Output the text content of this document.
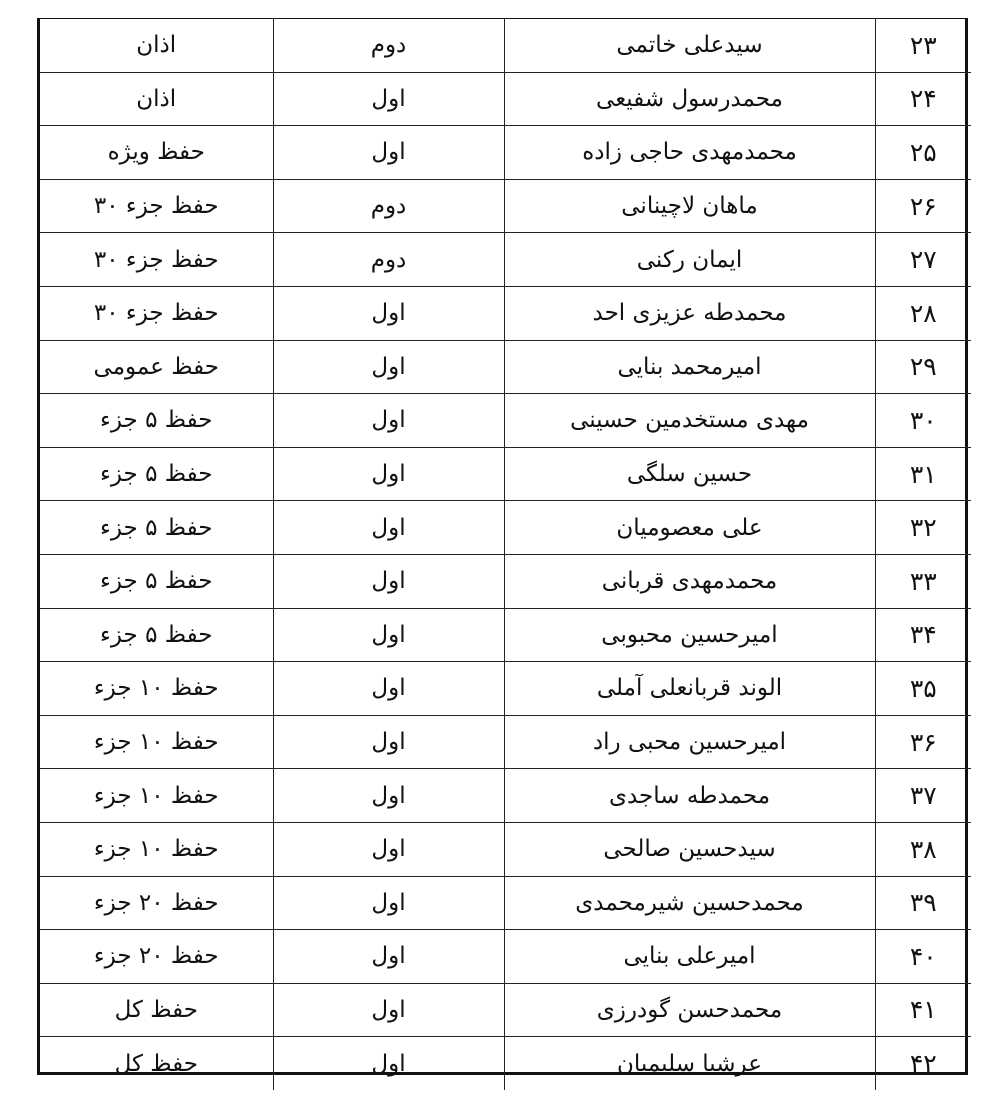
۲۳	سیدعلی خاتمی	دوم	اذان
۲۴	محمدرسول شفیعی	اول	اذان
۲۵	محمدمهدی حاجی زاده	اول	حفظ ویژه
۲۶	ماهان لاچینانی	دوم	حفظ جزء ۳۰
۲۷	ایمان رکنی	دوم	حفظ جزء ۳۰
۲۸	محمدطه عزیزی احد	اول	حفظ جزء ۳۰
۲۹	امیرمحمد بنایی	اول	حفظ عمومی
۳۰	مهدی مستخدمین حسینی	اول	حفظ ۵ جزء
۳۱	حسین سلگی	اول	حفظ ۵ جزء
۳۲	علی معصومیان	اول	حفظ ۵ جزء
۳۳	محمدمهدی قربانی	اول	حفظ ۵ جزء
۳۴	امیرحسین محبوبی	اول	حفظ ۵ جزء
۳۵	الوند قربانعلی آملی	اول	حفظ ۱۰ جزء
۳۶	امیرحسین محبی راد	اول	حفظ ۱۰ جزء
۳۷	محمدطه ساجدی	اول	حفظ ۱۰ جزء
۳۸	سیدحسین صالحی	اول	حفظ ۱۰ جزء
۳۹	محمدحسین شیرمحمدی	اول	حفظ ۲۰ جزء
۴۰	امیرعلی بنایی	اول	حفظ ۲۰ جزء
۴۱	محمدحسن گودرزی	اول	حفظ کل
۴۲	عرشیا سلیمیان	اول	حفظ کل
